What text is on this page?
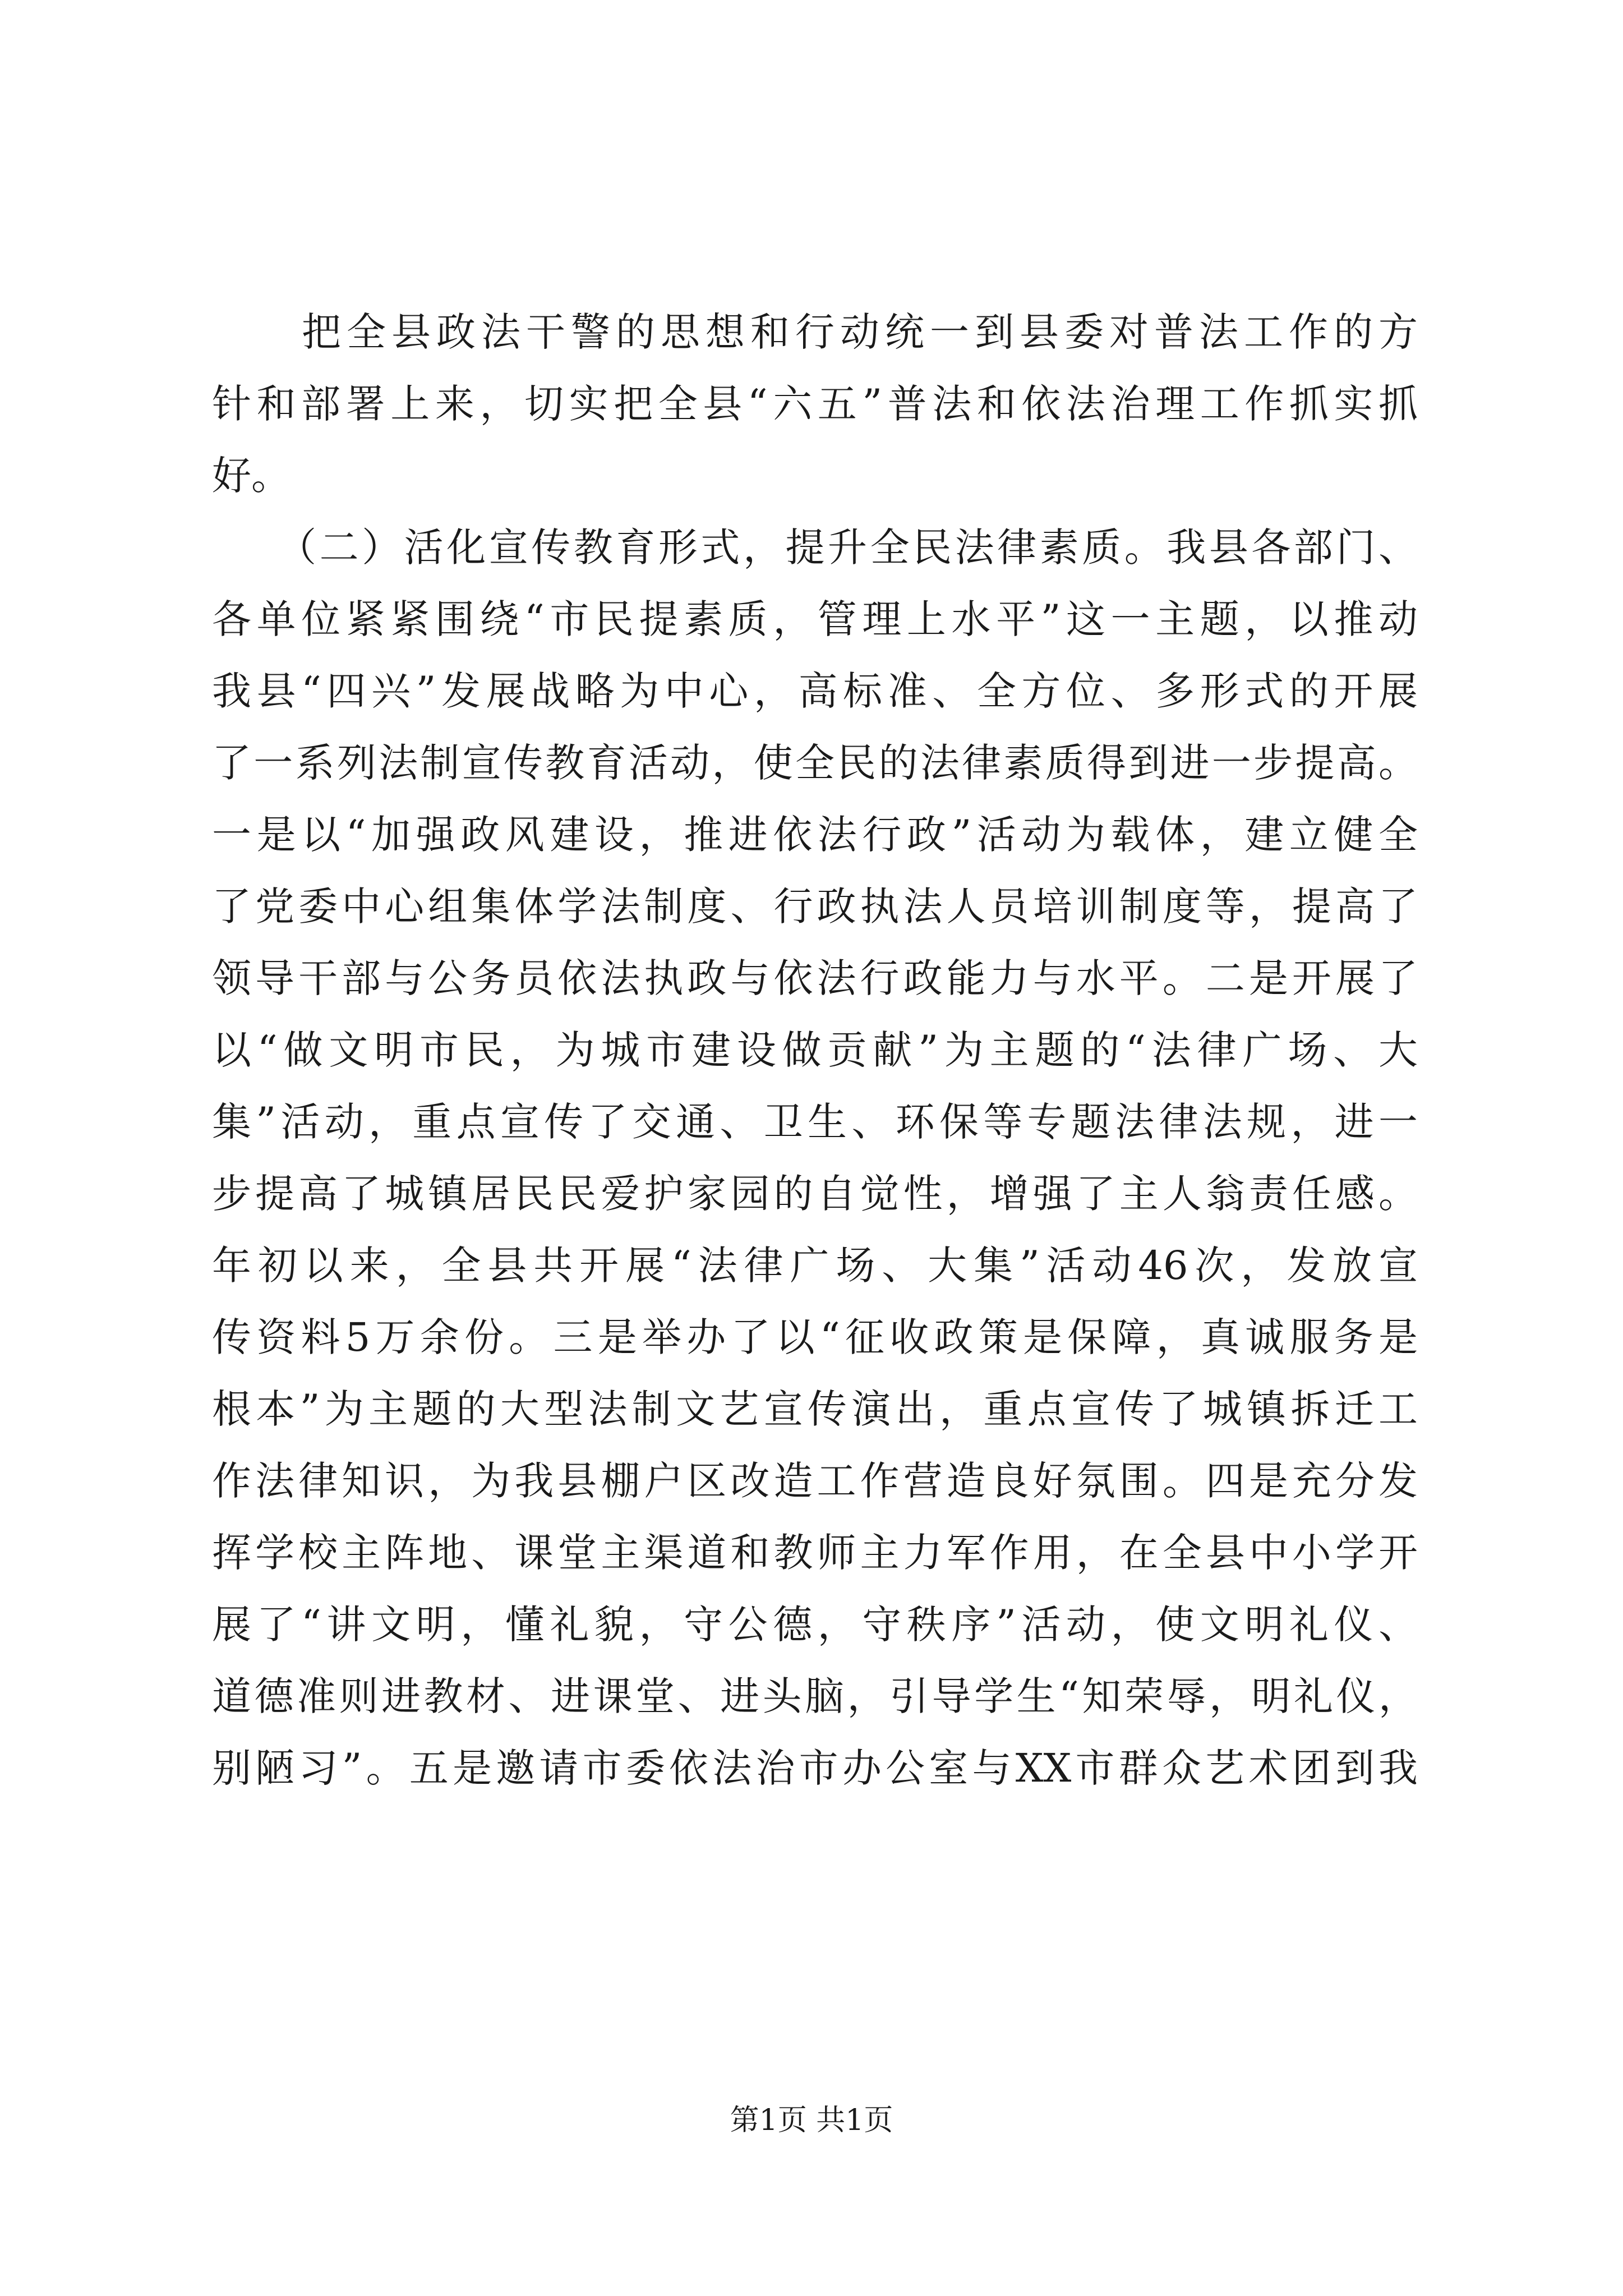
　　把全县政法干警的思想和行动统一到县委对普法工作的方
针和部署上来，切实把全县“六五”普法和依法治理工作抓实抓
好。
　　（二）活化宣传教育形式，提升全民法律素质。我县各部门、
各单位紧紧围绕“市民提素质，管理上水平”这一主题，以推动
我县“四兴”发展战略为中心，高标准、全方位、多形式的开展
了一系列法制宣传教育活动，使全民的法律素质得到进一步提高。
一是以“加强政风建设，推进依法行政”活动为载体，建立健全
了党委中心组集体学法制度、行政执法人员培训制度等，提高了
领导干部与公务员依法执政与依法行政能力与水平。二是开展了
以“做文明市民，为城市建设做贡献”为主题的“法律广场、大
集”活动，重点宣传了交通、卫生、环保等专题法律法规，进一
步提高了城镇居民民爱护家园的自觉性，增强了主人翁责任感。
年初以来，全县共开展“法律广场、大集”活动46次，发放宣
传资料5万余份。三是举办了以“征收政策是保障，真诚服务是
根本”为主题的大型法制文艺宣传演出，重点宣传了城镇拆迁工
作法律知识，为我县棚户区改造工作营造良好氛围。四是充分发
挥学校主阵地、课堂主渠道和教师主力军作用，在全县中小学开
展了“讲文明，懂礼貌，守公德，守秩序”活动，使文明礼仪、
道德准则进教材、进课堂、进头脑，引导学生“知荣辱，明礼仪，
别陋习”。五是邀请市委依法治市办公室与XX市群众艺术团到我
第1页 共1页
